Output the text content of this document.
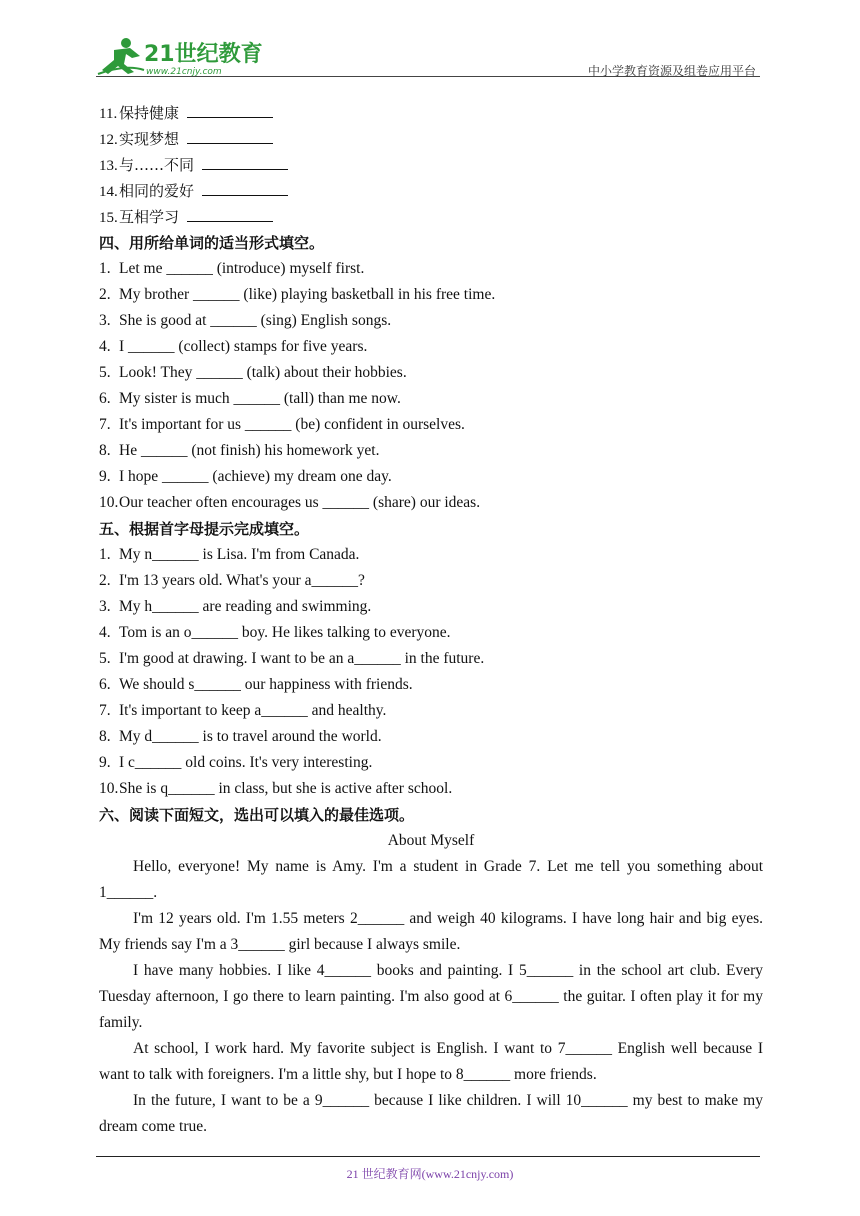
21世纪教育
www.21cnjy.com	中小学教育资源及组卷应用平台
11. 保持健康
12.实现梦想
13.与……不同
14.相同的爱好
15.互相学习
四、用所给单词的适当形式填空。
1. Let me ______ (introduce) myself first.
2. My brother ______ (like) playing basketball in his free time.
3. She is good at ______ (sing) English songs.
4. I ______ (collect) stamps for five years.
5. Look! They ______ (talk) about their hobbies.
6. My sister is much ______ (tall) than me now.
7. It's important for us ______ (be) confident in ourselves.
8. He ______ (not finish) his homework yet.
9. I hope ______ (achieve) my dream one day.
10.Our teacher often encourages us ______ (share) our ideas.
五、根据首字母提示完成填空。
1. My n______ is Lisa. I'm from Canada.
2. I'm 13 years old. What's your a______?
3. My h______ are reading and swimming.
4. Tom is an o______ boy. He likes talking to everyone.
5. I'm good at drawing. I want to be an a______ in the future.
6. We should s______ our happiness with friends.
7. It's important to keep a______ and healthy.
8. My d______ is to travel around the world.
9. I c______ old coins. It's very interesting.
10.She is q______ in class, but she is active after school.
六、阅读下面短文，选出可以填入的最佳选项。
About Myself

Hello, everyone! My name is Amy. I'm a student in Grade 7. Let me tell you something about 1______.

I'm 12 years old. I'm 1.55 meters 2______ and weigh 40 kilograms. I have long hair and big eyes. My friends say I'm a 3______ girl because I always smile.

I have many hobbies. I like 4______ books and painting. I 5______ in the school art club. Every Tuesday afternoon, I go there to learn painting. I'm also good at 6______ the guitar. I often play it for my family.

At school, I work hard. My favorite subject is English. I want to 7______ English well because I want to talk with foreigners. I'm a little shy, but I hope to 8______ more friends.

In the future, I want to be a 9______ because I like children. I will 10______ my best to make my dream come true.

21 世纪教育网(www.21cnjy.com)
